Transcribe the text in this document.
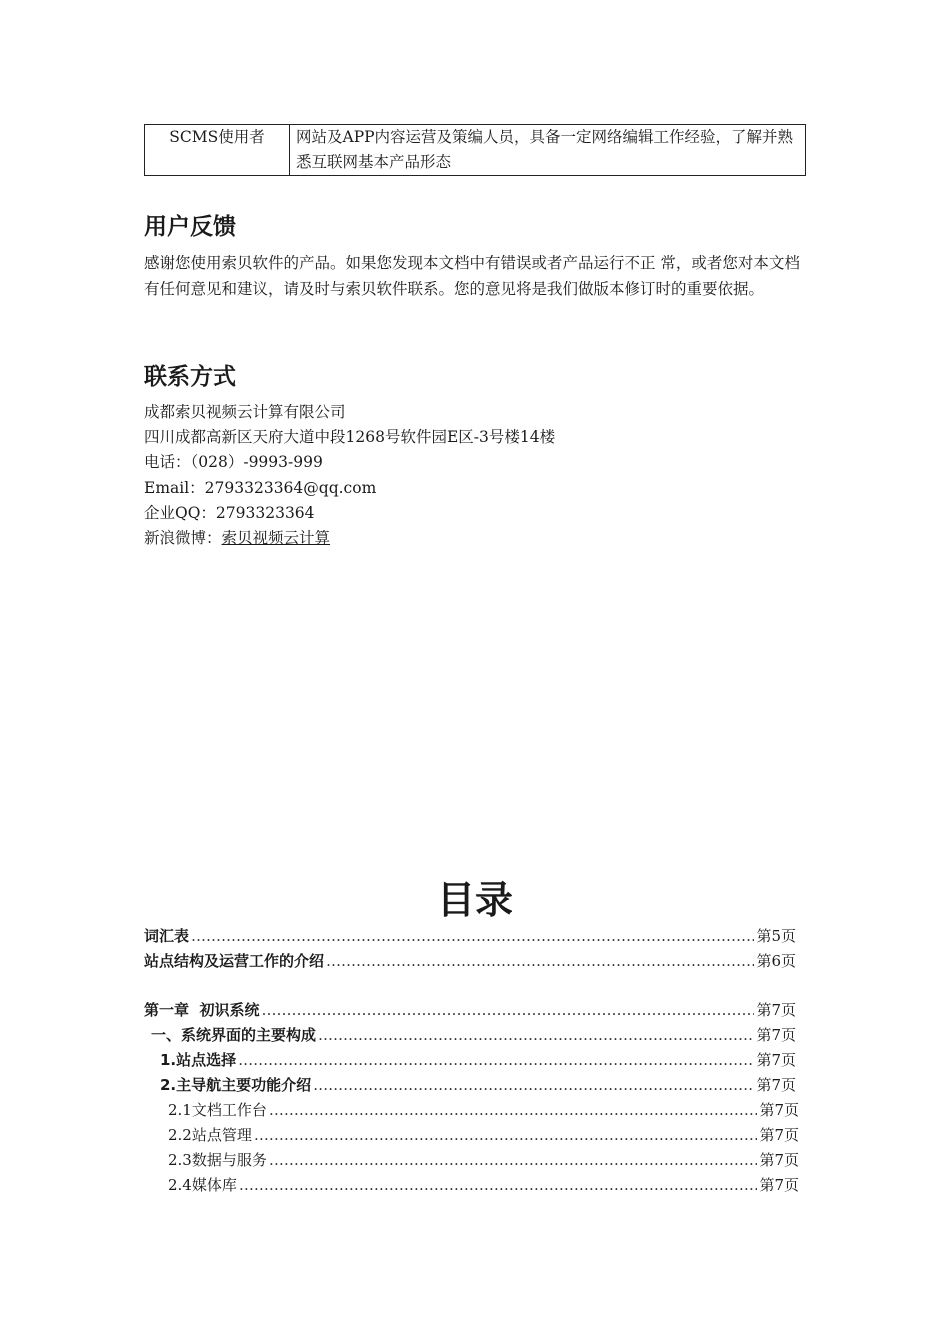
SCMS使用者	网站及APP内容运营及策编人员，具备一定网络编辑工作经验，了解并熟悉互联网基本产品形态
用户反馈

感谢您使用索贝软件的产品。如果您发现本文档中有错误或者产品运行不正 常，或者您对本文档有任何意见和建议，请及时与索贝软件联系。您的意见将是我们做版本修订时的重要依据。

联系方式
成都索贝视频云计算有限公司
四川成都高新区天府大道中段1268号软件园E区-3号楼14楼
电话：（028）-9993-999
Email：2793323364@qq.com
企业QQ：2793323364
新浪微博：索贝视频云计算
目录
词汇表 ……………………………………………………………………………………………………………………………………………………………………………………………………	第5页
站点结构及运营工作的介绍 ……………………………………………………………………………………………………………………………………………………………………………………………………	第6页
第一章  初识系统 ……………………………………………………………………………………………………………………………………………………………………………………………………	第7页
一、系统界面的主要构成 ……………………………………………………………………………………………………………………………………………………………………………………………………	第7页
1.站点选择 ……………………………………………………………………………………………………………………………………………………………………………………………………	第7页
2.主导航主要功能介绍 ……………………………………………………………………………………………………………………………………………………………………………………………………	第7页
2.1文档工作台 ……………………………………………………………………………………………………………………………………………………………………………………………………	第7页
2.2站点管理 ……………………………………………………………………………………………………………………………………………………………………………………………………	第7页
2.3数据与服务 ……………………………………………………………………………………………………………………………………………………………………………………………………	第7页
2.4媒体库 ……………………………………………………………………………………………………………………………………………………………………………………………………	第7页
